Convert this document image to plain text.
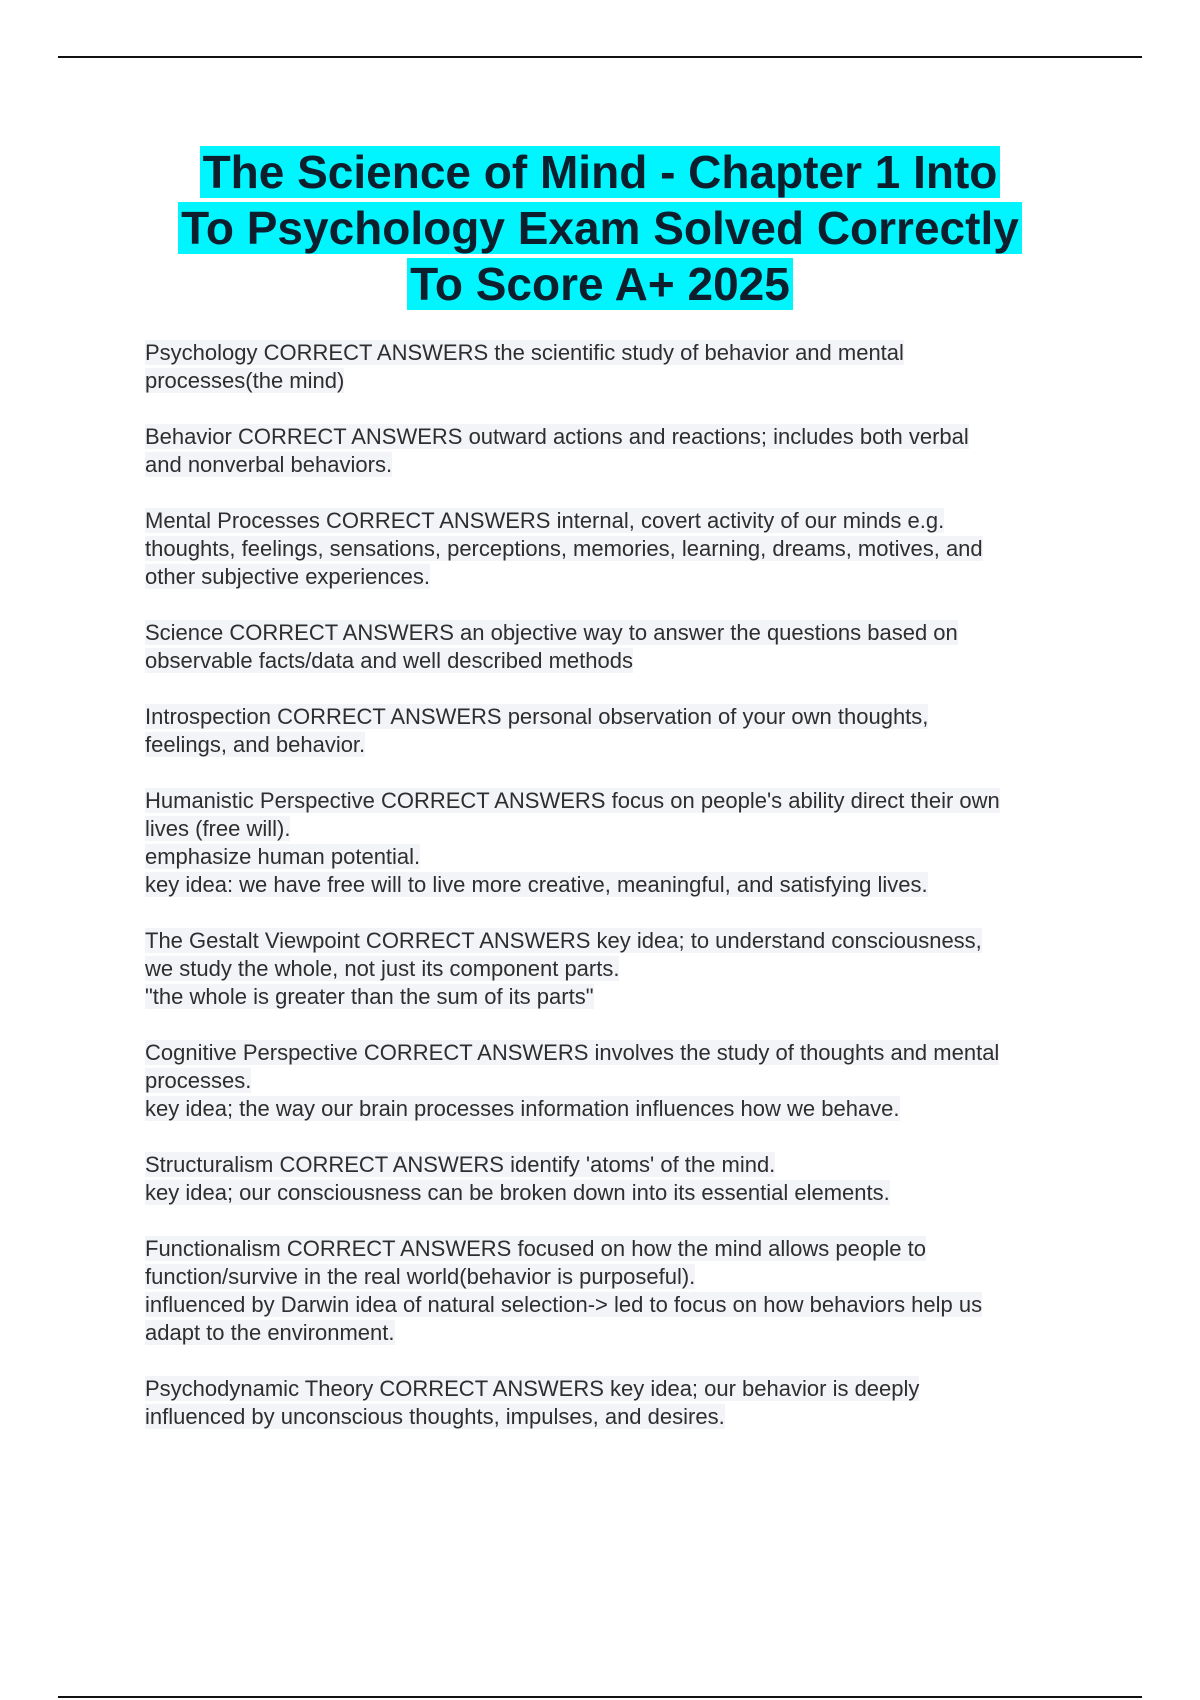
The Science of Mind - Chapter 1 Into
To Psychology Exam Solved Correctly
To Score A+ 2025
Psychology CORRECT ANSWERS the scientific study of behavior and mental
processes(the mind)
Behavior CORRECT ANSWERS outward actions and reactions; includes both verbal
and nonverbal behaviors.
Mental Processes CORRECT ANSWERS internal, covert activity of our minds e.g.
thoughts, feelings, sensations, perceptions, memories, learning, dreams, motives, and
other subjective experiences.
Science CORRECT ANSWERS an objective way to answer the questions based on
observable facts/data and well described methods
Introspection CORRECT ANSWERS personal observation of your own thoughts,
feelings, and behavior.
Humanistic Perspective CORRECT ANSWERS focus on people's ability direct their own
lives (free will).
emphasize human potential.
key idea: we have free will to live more creative, meaningful, and satisfying lives.
The Gestalt Viewpoint CORRECT ANSWERS key idea; to understand consciousness,
we study the whole, not just its component parts.
"the whole is greater than the sum of its parts"
Cognitive Perspective CORRECT ANSWERS involves the study of thoughts and mental
processes.
key idea; the way our brain processes information influences how we behave.
Structuralism CORRECT ANSWERS identify 'atoms' of the mind.
key idea; our consciousness can be broken down into its essential elements.
Functionalism CORRECT ANSWERS focused on how the mind allows people to
function/survive in the real world(behavior is purposeful).
influenced by Darwin idea of natural selection-> led to focus on how behaviors help us
adapt to the environment.
Psychodynamic Theory CORRECT ANSWERS key idea; our behavior is deeply
influenced by unconscious thoughts, impulses, and desires.
